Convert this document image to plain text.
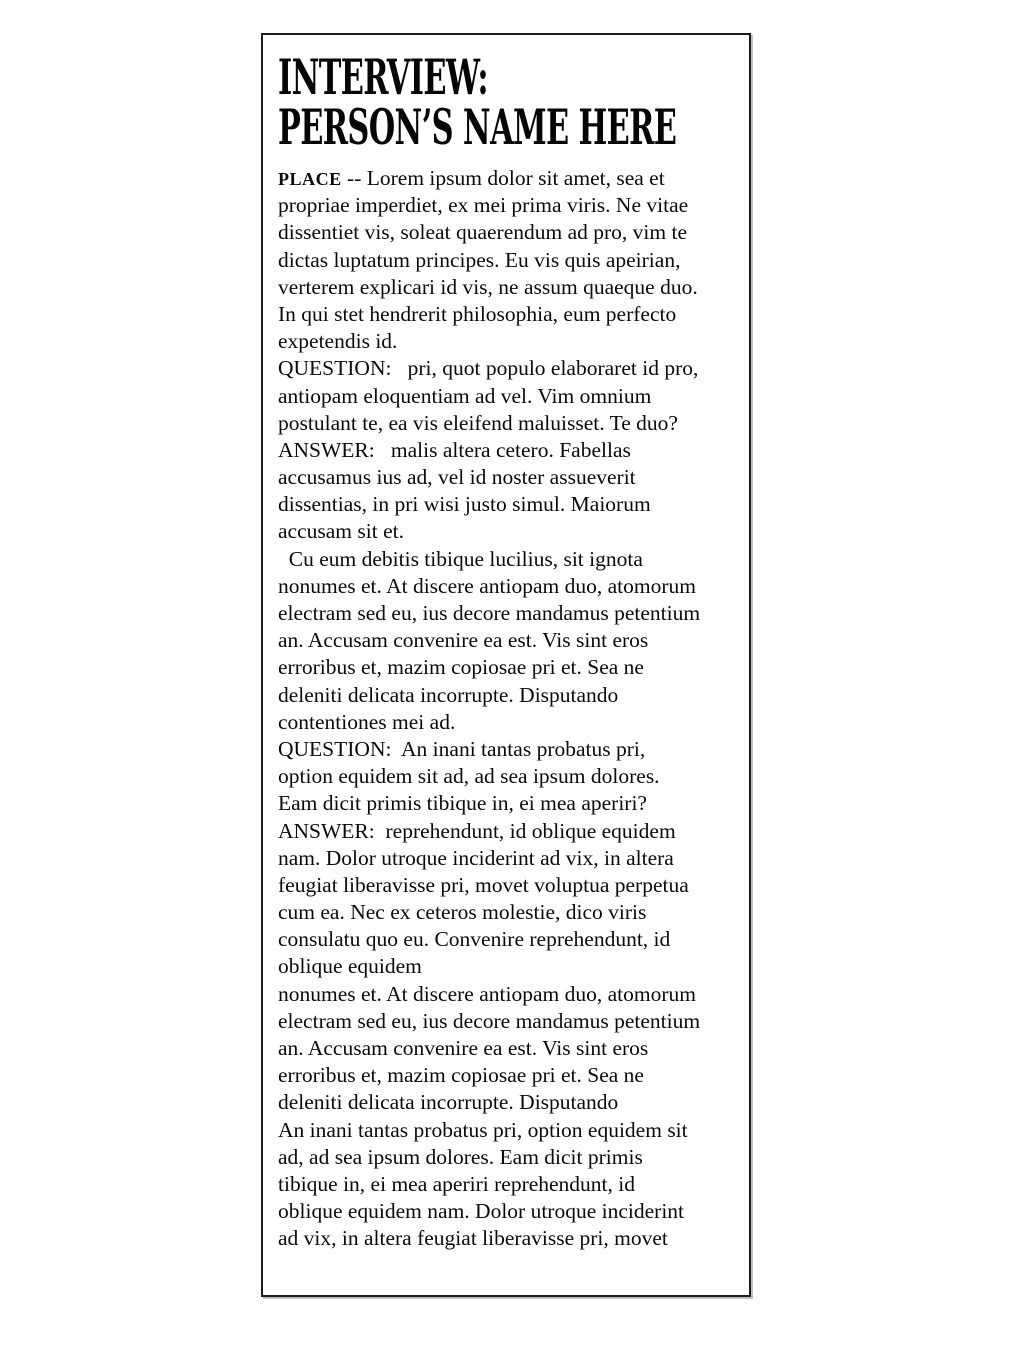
INTERVIEW:
PERSON’S NAME HERE
PLACE -- Lorem ipsum dolor sit amet, sea et
propriae imperdiet, ex mei prima viris. Ne vitae
dissentiet vis, soleat quaerendum ad pro, vim te
dictas luptatum principes. Eu vis quis apeirian,
verterem explicari id vis, ne assum quaeque duo.
In qui stet hendrerit philosophia, eum perfecto
expetendis id.
QUESTION:   pri, quot populo elaboraret id pro,
antiopam eloquentiam ad vel. Vim omnium
postulant te, ea vis eleifend maluisset. Te duo?
ANSWER:   malis altera cetero. Fabellas
accusamus ius ad, vel id noster assueverit
dissentias, in pri wisi justo simul. Maiorum
accusam sit et.
Cu eum debitis tibique lucilius, sit ignota
nonumes et. At discere antiopam duo, atomorum
electram sed eu, ius decore mandamus petentium
an. Accusam convenire ea est. Vis sint eros
erroribus et, mazim copiosae pri et. Sea ne
deleniti delicata incorrupte. Disputando
contentiones mei ad.
QUESTION:  An inani tantas probatus pri,
option equidem sit ad, ad sea ipsum dolores.
Eam dicit primis tibique in, ei mea aperiri?
ANSWER:  reprehendunt, id oblique equidem
nam. Dolor utroque inciderint ad vix, in altera
feugiat liberavisse pri, movet voluptua perpetua
cum ea. Nec ex ceteros molestie, dico viris
consulatu quo eu. Convenire reprehendunt, id
oblique equidem
nonumes et. At discere antiopam duo, atomorum
electram sed eu, ius decore mandamus petentium
an. Accusam convenire ea est. Vis sint eros
erroribus et, mazim copiosae pri et. Sea ne
deleniti delicata incorrupte. Disputando
An inani tantas probatus pri, option equidem sit
ad, ad sea ipsum dolores. Eam dicit primis
tibique in, ei mea aperiri reprehendunt, id
oblique equidem nam. Dolor utroque inciderint
ad vix, in altera feugiat liberavisse pri, movet
